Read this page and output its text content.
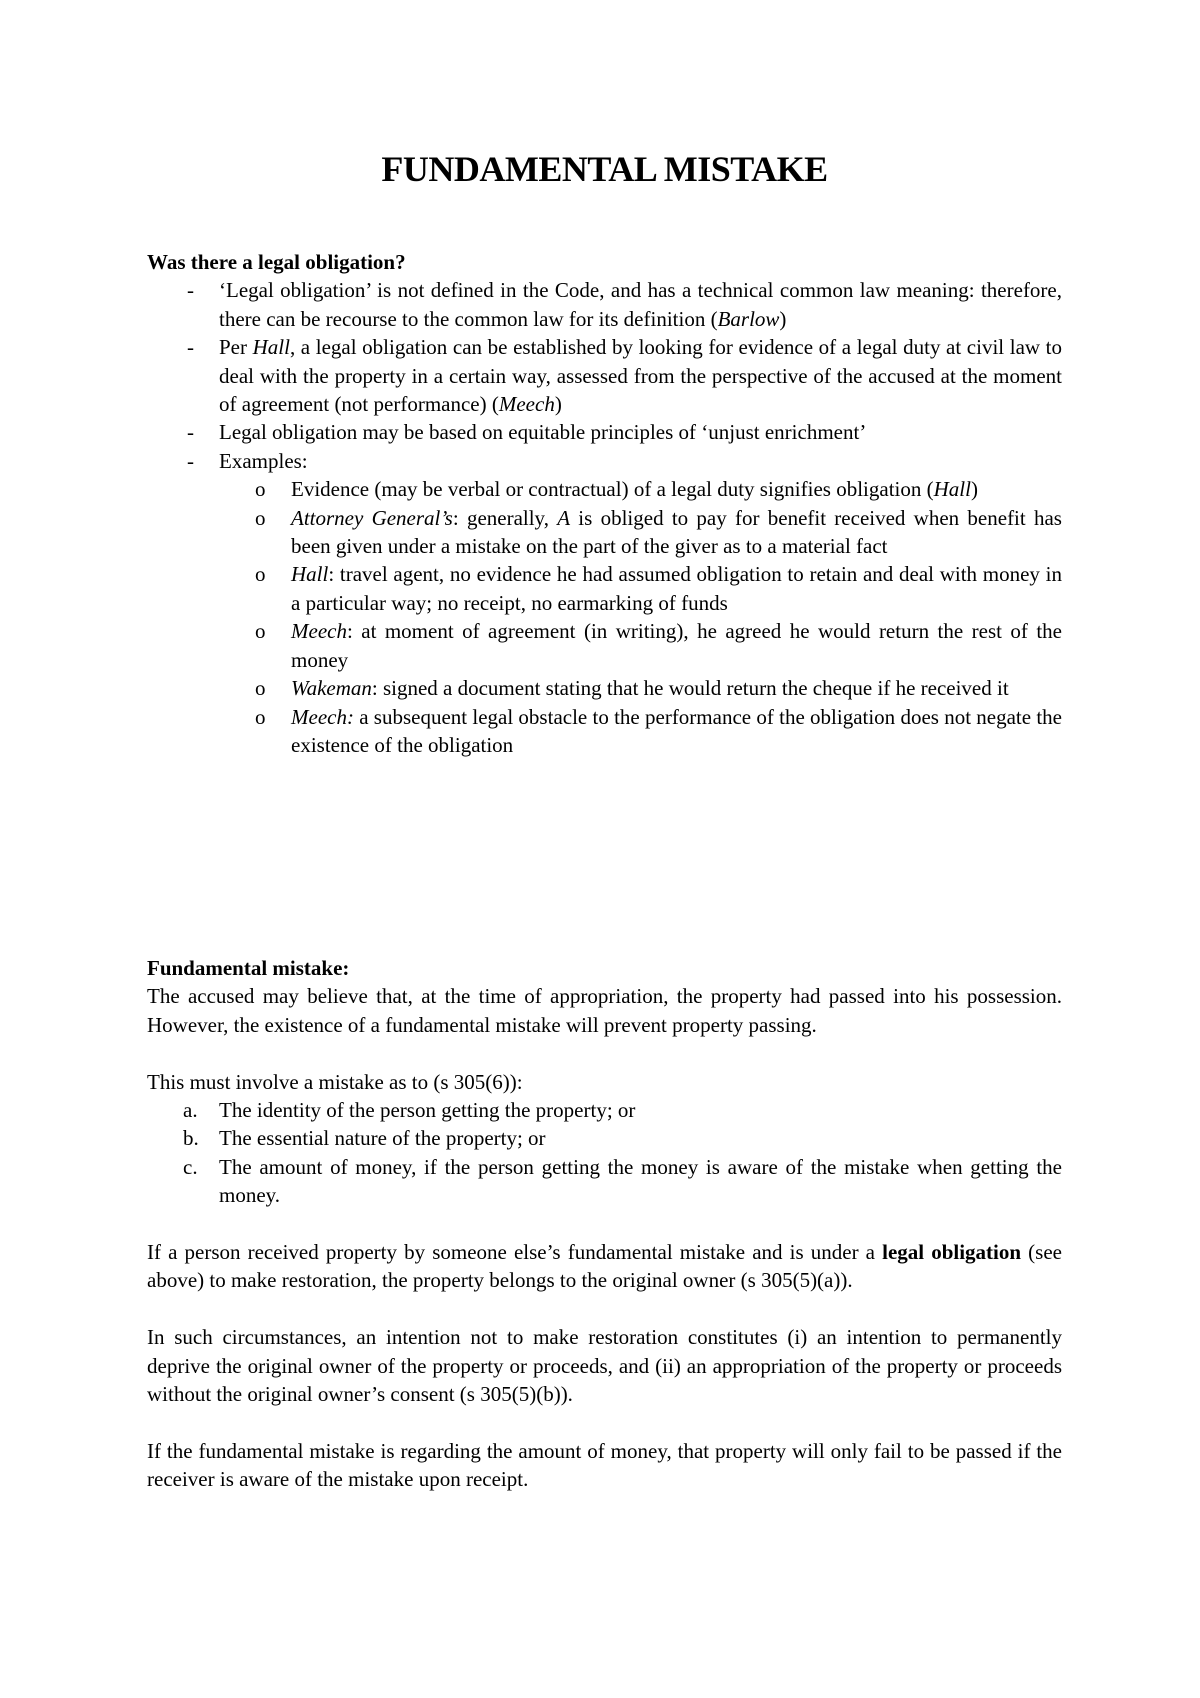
FUNDAMENTAL MISTAKE

Was there a legal obligation?

- ‘Legal obligation’ is not defined in the Code, and has a technical common law meaning: therefore, there can be recourse to the common law for its definition (Barlow)
- Per Hall, a legal obligation can be established by looking for evidence of a legal duty at civil law to deal with the property in a certain way, assessed from the perspective of the accused at the moment of agreement (not performance) (Meech)
- Legal obligation may be based on equitable principles of ‘unjust enrichment’
- Examples:
o Evidence (may be verbal or contractual) of a legal duty signifies obligation (Hall)
o Attorney General’s: generally, A is obliged to pay for benefit received when benefit has been given under a mistake on the part of the giver as to a material fact
o Hall: travel agent, no evidence he had assumed obligation to retain and deal with money in a particular way; no receipt, no earmarking of funds
o Meech: at moment of agreement (in writing), he agreed he would return the rest of the money
o Wakeman: signed a document stating that he would return the cheque if he received it
o Meech: a subsequent legal obstacle to the performance of the obligation does not negate the existence of the obligation

Fundamental mistake:

The accused may believe that, at the time of appropriation, the property had passed into his possession. However, the existence of a fundamental mistake will prevent property passing.

This must involve a mistake as to (s 305(6)):

a. The identity of the person getting the property; or
b. The essential nature of the property; or
c. The amount of money, if the person getting the money is aware of the mistake when getting the money.

If a person received property by someone else’s fundamental mistake and is under a legal obligation (see above) to make restoration, the property belongs to the original owner (s 305(5)(a)).

In such circumstances, an intention not to make restoration constitutes (i) an intention to permanently deprive the original owner of the property or proceeds, and (ii) an appropriation of the property or proceeds without the original owner’s consent (s 305(5)(b)).

If the fundamental mistake is regarding the amount of money, that property will only fail to be passed if the receiver is aware of the mistake upon receipt.
